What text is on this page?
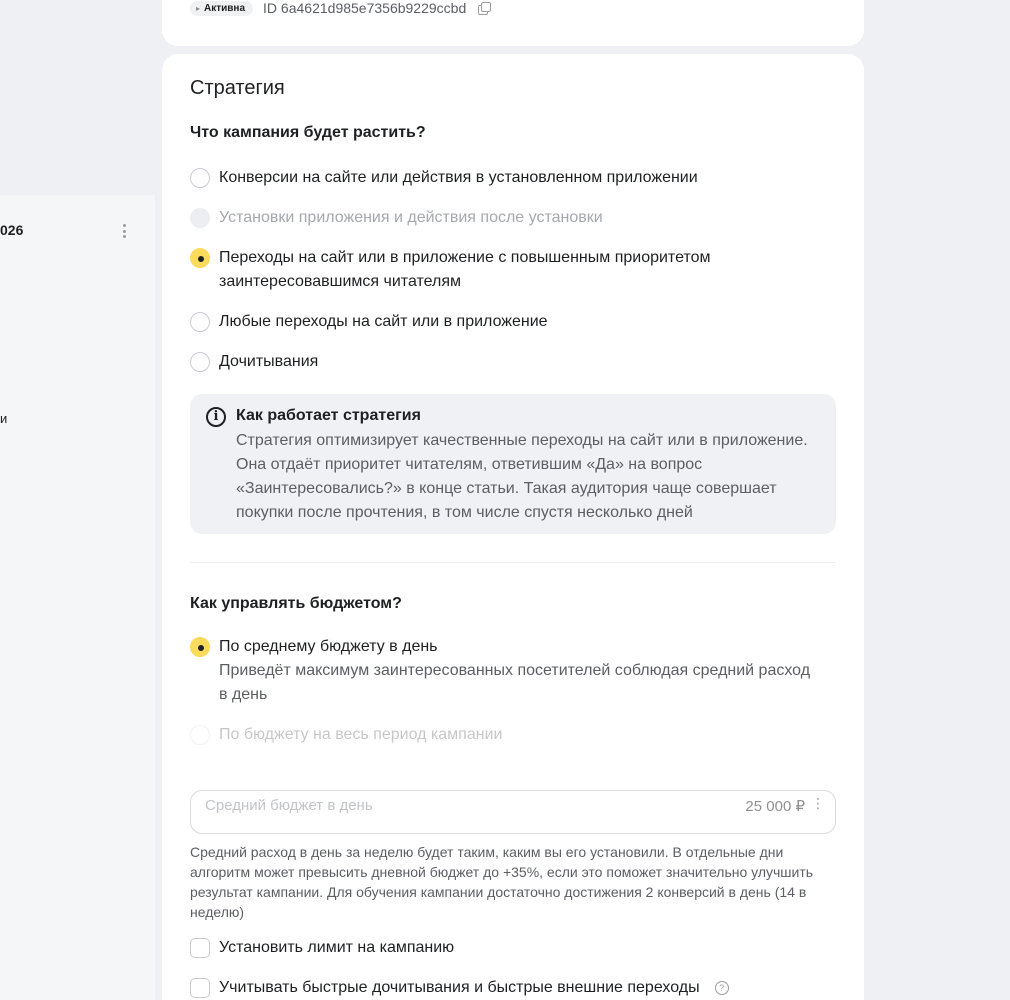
026
и
▸ Активна ID 6a4621d985e7356b9229ccbd
Стратегия
Что кампания будет растить?
Конверсии на сайте или действия в установленном приложении
Установки приложения и действия после установки
Переходы на сайт или в приложение с повышенным приоритетом
заинтересовавшимся читателям
Любые переходы на сайт или в приложение
Дочитывания
i	Как работает стратегия
Стратегия оптимизирует качественные переходы на сайт или в приложение. Она отдаёт приоритет читателям, ответившим «Да» на вопрос «Заинтересовались?» в конце статьи. Такая аудитория чаще совершает покупки после прочтения, в том числе спустя несколько дней
Как управлять бюджетом?
По среднему бюджету в день
Приведёт максимум заинтересованных посетителей соблюдая средний расход в день
По бюджету на весь период кампании
Средний бюджет в день	25 000 ₽ ⋮
Средний расход в день за неделю будет таким, каким вы его установили. В отдельные дни алгоритм может превысить дневной бюджет до +35%, если это поможет значительно улучшить результат кампании. Для обучения кампании достаточно достижения 2 конверсий в день (14 в неделю)
Установить лимит на кампанию
Учитывать быстрые дочитывания и быстрые внешние переходы	?
